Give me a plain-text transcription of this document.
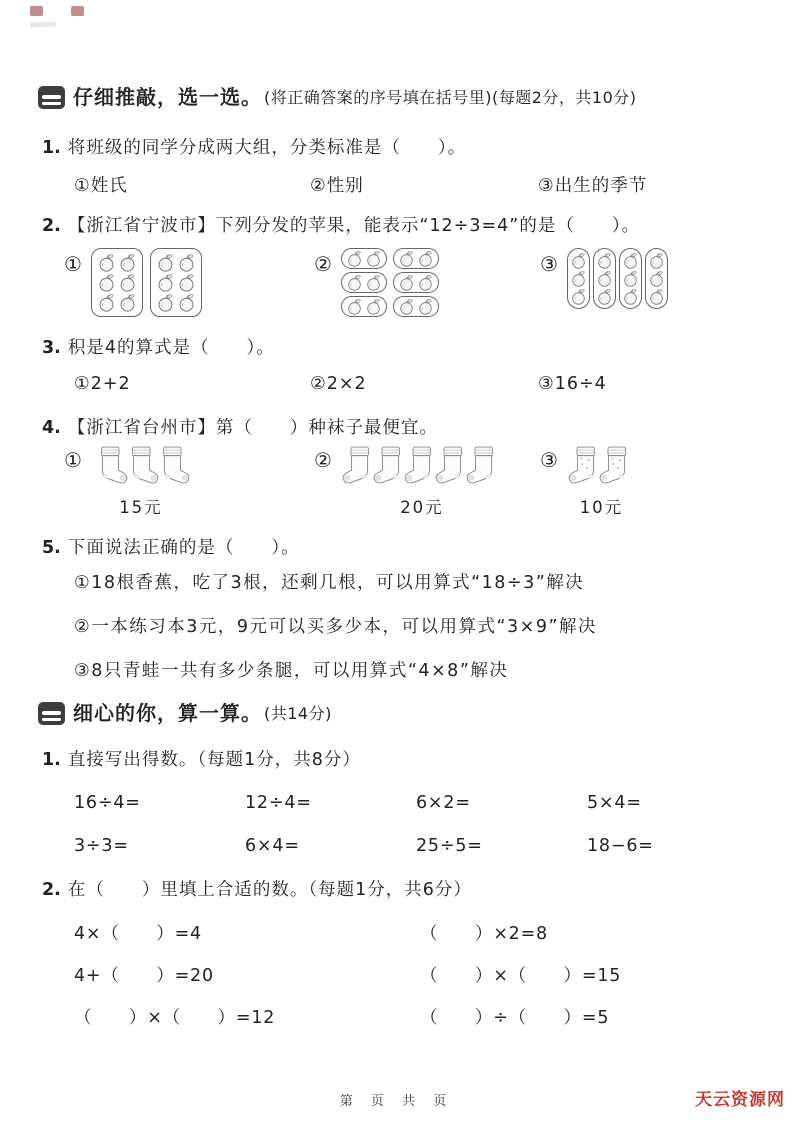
仔细推敲，选一选。 (将正确答案的序号填在括号里)(每题2分，共10分)
1. 将班级的同学分成两大组，分类标准是（　　）。
①姓氏	②性别	③出生的季节
2. 【浙江省宁波市】下列分发的苹果，能表示“12÷3=4”的是（　　）。
①	②	③
3. 积是4的算式是（　　）。
①2+2	②2×2	③16÷4
4. 【浙江省台州市】第（　　）种袜子最便宜。
①
15元
②
20元
③
10元
5. 下面说法正确的是（　　）。
①18根香蕉，吃了3根，还剩几根，可以用算式“18÷3”解决
②一本练习本3元，9元可以买多少本，可以用算式“3×9”解决
③8只青蛙一共有多少条腿，可以用算式“4×8”解决
细心的你，算一算。 (共14分)
1. 直接写出得数。（每题1分，共8分）
16÷4=	12÷4=	6×2=	5×4=
3÷3=	6×4=	25÷5=	18−6=
2. 在（　　）里填上合适的数。（每题1分，共6分）
4×（　　）=4	（　　）×2=8
4+（　　）=20	（　　）×（　　）=15
（　　）×（　　）=12	（　　）÷（　　）=5
第 页 共 页	天云资源网
